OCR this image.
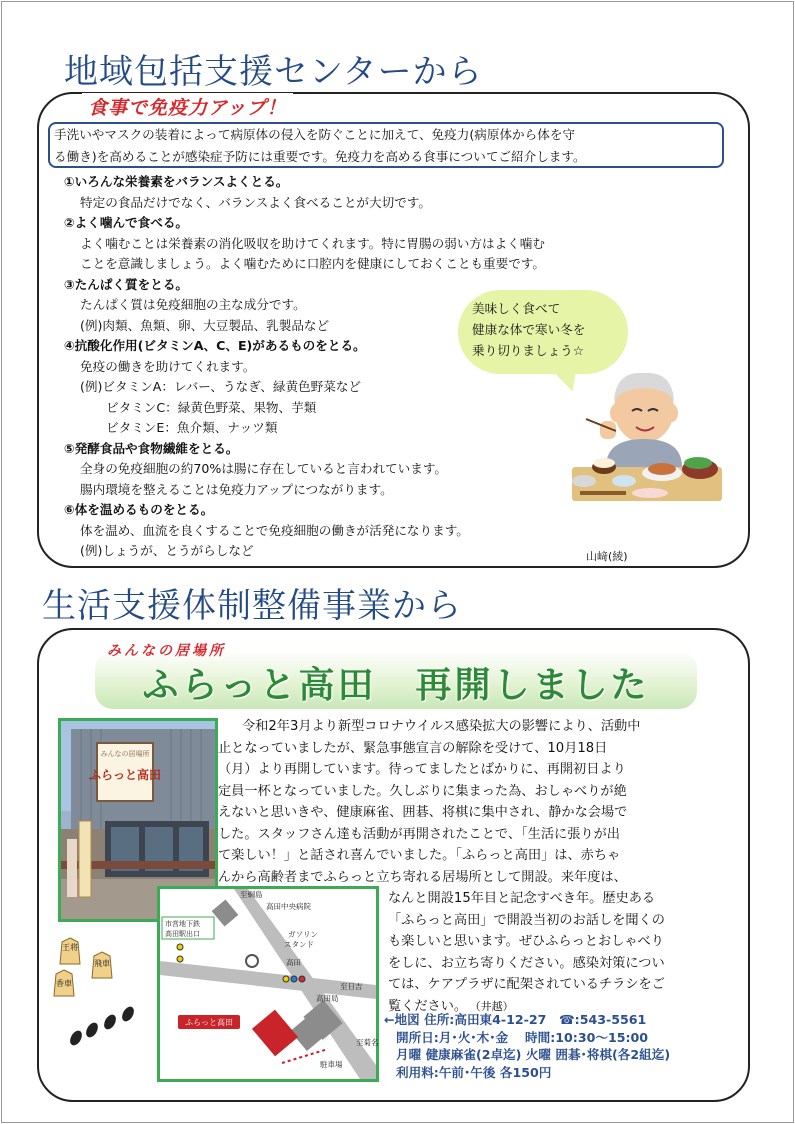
地域包括支援センターから
食事で免疫力アップ！
手洗いやマスクの装着によって病原体の侵入を防ぐことに加えて、免疫力(病原体から体を守
る働き)を高めることが感染症予防には重要です。免疫力を高める食事についてご紹介します。
①いろんな栄養素をバランスよくとる。
特定の食品だけでなく、バランスよく食べることが大切です。
②よく噛んで食べる。
よく噛むことは栄養素の消化吸収を助けてくれます。特に胃腸の弱い方はよく噛む
ことを意識しましょう。よく噛むために口腔内を健康にしておくことも重要です。
③たんぱく質をとる。
たんぱく質は免疫細胞の主な成分です。
(例)肉類、魚類、卵、大豆製品、乳製品など
④抗酸化作用(ビタミンA、C、E)があるものをとる。
免疫の働きを助けてくれます。
(例)ビタミンA：レバー、うなぎ、緑黄色野菜など
ビタミンC：緑黄色野菜、果物、芋類
ビタミンE：魚介類、ナッツ類
⑤発酵食品や食物繊維をとる。
全身の免疫細胞の約70%は腸に存在していると言われています。
腸内環境を整えることは免疫力アップにつながります。
⑥体を温めるものをとる。
体を温め、血流を良くすることで免疫細胞の働きが活発になります。
(例)しょうが、とうがらしなど
美味しく食べて
健康な体で寒い冬を
乗り切りましょう☆
山﨑(綾)
生活支援体制整備事業から
ふらっと高田　再開しました
みんなの居場所
みんなの居場所
ふらっと高田
令和2年3月より新型コロナウイルス感染拡大の影響により、活動中
止となっていましたが、緊急事態宣言の解除を受けて、10月18日
（月）より再開しています。待ってましたとばかりに、再開初日より
定員一杯となっていました。久しぶりに集まった為、おしゃべりが絶
えないと思いきや、健康麻雀、囲碁、将棋に集中され、静かな会場で
した。スタッフさん達も活動が再開されたことで、「生活に張りが出
て楽しい！」と話され喜んでいました。「ふらっと高田」は、赤ちゃ
んから高齢者までふらっと立ち寄れる居場所として開設。来年度は、
なんと開設15年目と記念すべき年。歴史ある
「ふらっと高田」で開設当初のお話しを聞くの
も楽しいと思います。ぜひふらっとおしゃべり
をしに、お立ち寄りください。感染対策につい
ては、ケアプラザに配架されているチラシをご
覧ください。 （井越）
←地図 住所:高田東4-12-27　☎:543-5561
開所日:月･火･木･金　 時間:10:30～15:00
月曜 健康麻雀(2卓迄) 火曜 囲碁･将棋(各2組迄)
利用料:午前･午後 各150円
王将
飛車
香車
至綱島
高田中央病院
市営地下鉄
高田駅出口	ガソリン
スタンド
高田
至日吉
高田局
至菊名
駐車場
ふらっと高田
